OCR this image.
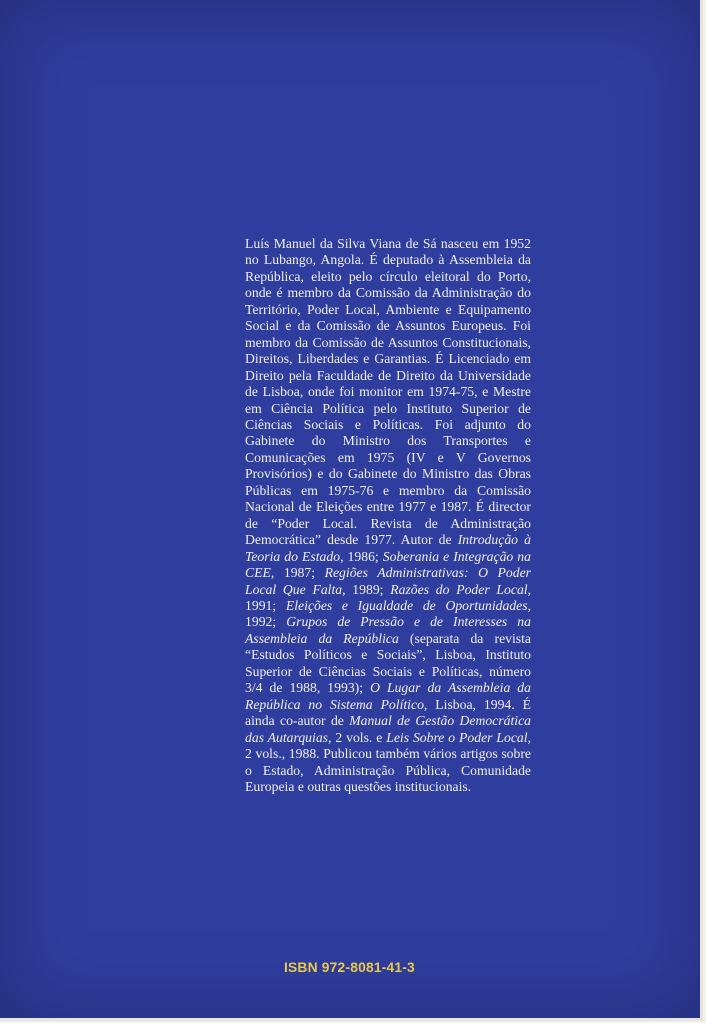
Luís Manuel da Silva Viana de Sá nasceu em 1952 no Lubango, Angola. É deputado à Assembleia da República, eleito pelo círculo eleitoral do Porto, onde é membro da Comissão da Administração do Território, Poder Local, Ambiente e Equipamento Social e da Comissão de Assuntos Europeus. Foi membro da Comissão de Assuntos Constitucionais, Direitos, Liberdades e Garantias. É Licenciado em Direito pela Faculdade de Direito da Universidade de Lisboa, onde foi monitor em 1974-75, e Mestre em Ciência Política pelo Instituto Superior de Ciências Sociais e Políticas. Foi adjunto do Gabinete do Ministro dos Transportes e Comunicações em 1975 (IV e V Governos Provisórios) e do Gabinete do Ministro das Obras Públicas em 1975-76 e membro da Comissão Nacional de Eleições entre 1977 e 1987. É director de “Poder Local. Revista de Administração Democrática” desde 1977. Autor de Introdução à Teoria do Estado, 1986; Soberania e Integração na CEE, 1987; Regiões Administrativas: O Poder Local Que Falta, 1989; Razões do Poder Local, 1991; Eleições e Igualdade de Oportunidades, 1992; Grupos de Pressão e de Interesses na Assembleia da República (separata da revista “Estudos Políticos e Sociais”, Lisboa, Instituto Superior de Ciências Sociais e Políticas, número 3/4 de 1988, 1993); O Lugar da Assembleia da República no Sistema Político, Lisboa, 1994. É ainda co-autor de Manual de Gestão Democrática das Autarquias, 2 vols. e Leis Sobre o Poder Local, 2 vols., 1988. Publicou também vários artigos sobre o Estado, Administração Pública, Comunidade Europeia e outras questões institucionais.

ISBN 972-8081-41-3
